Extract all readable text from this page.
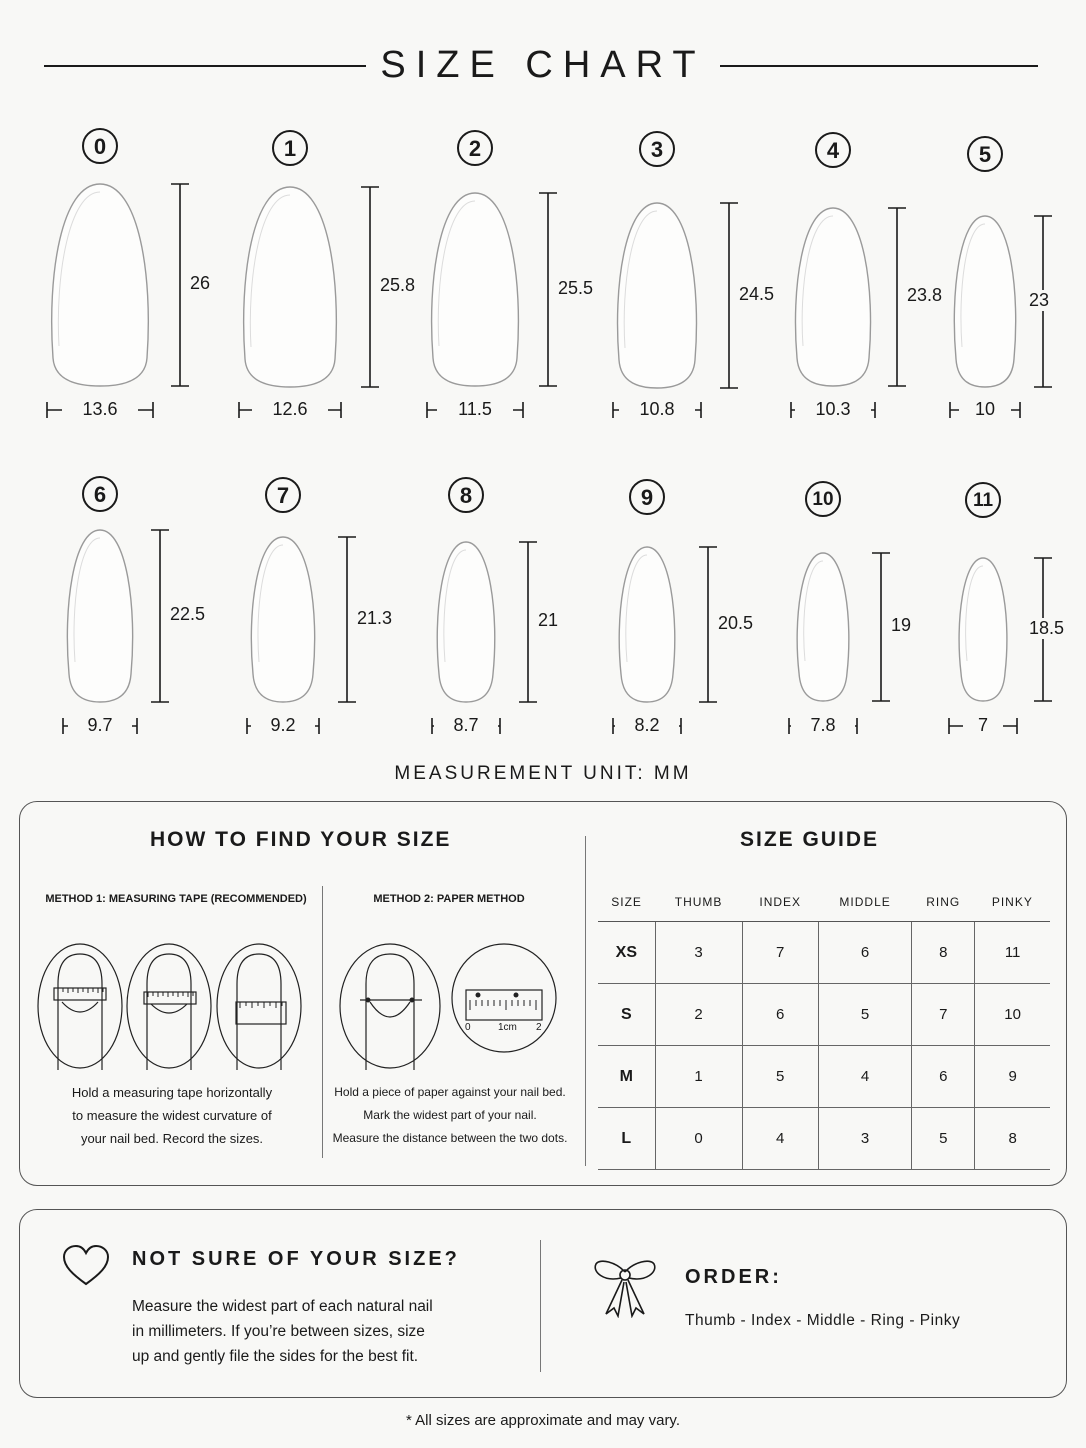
SIZE CHART
0
26
13.6
1
25.8
12.6
2
25.5
11.5
3
24.5
10.8
4
23.8
10.3
5
23
10
6
22.5
9.7
7
21.3
9.2
8
21
8.7
9
20.5
8.2
10
19
7.8
11
18.5
7
MEASUREMENT UNIT: MM
HOW TO FIND YOUR SIZE	SIZE GUIDE
METHOD 1: MEASURING TAPE (RECOMMENDED)	METHOD 2: PAPER METHOD
0	1cm 2
Hold a measuring tape horizontally
to measure the widest curvature of
your nail bed. Record the sizes.
Hold a piece of paper against your nail bed.
Mark the widest part of your nail.
Measure the distance between the two dots.
SIZE	THUMB	INDEX	MIDDLE	RING	PINKY
XS	3	7	6	8	11
S	2	6	5	7	10
M	1	5	4	6	9
L	0	4	3	5	8
NOT SURE OF YOUR SIZE?
Measure the widest part of each natural nail
in millimeters. If you’re between sizes, size
up and gently file the sides for the best fit.
ORDER:
Thumb - Index - Middle - Ring - Pinky
* All sizes are approximate and may vary.
